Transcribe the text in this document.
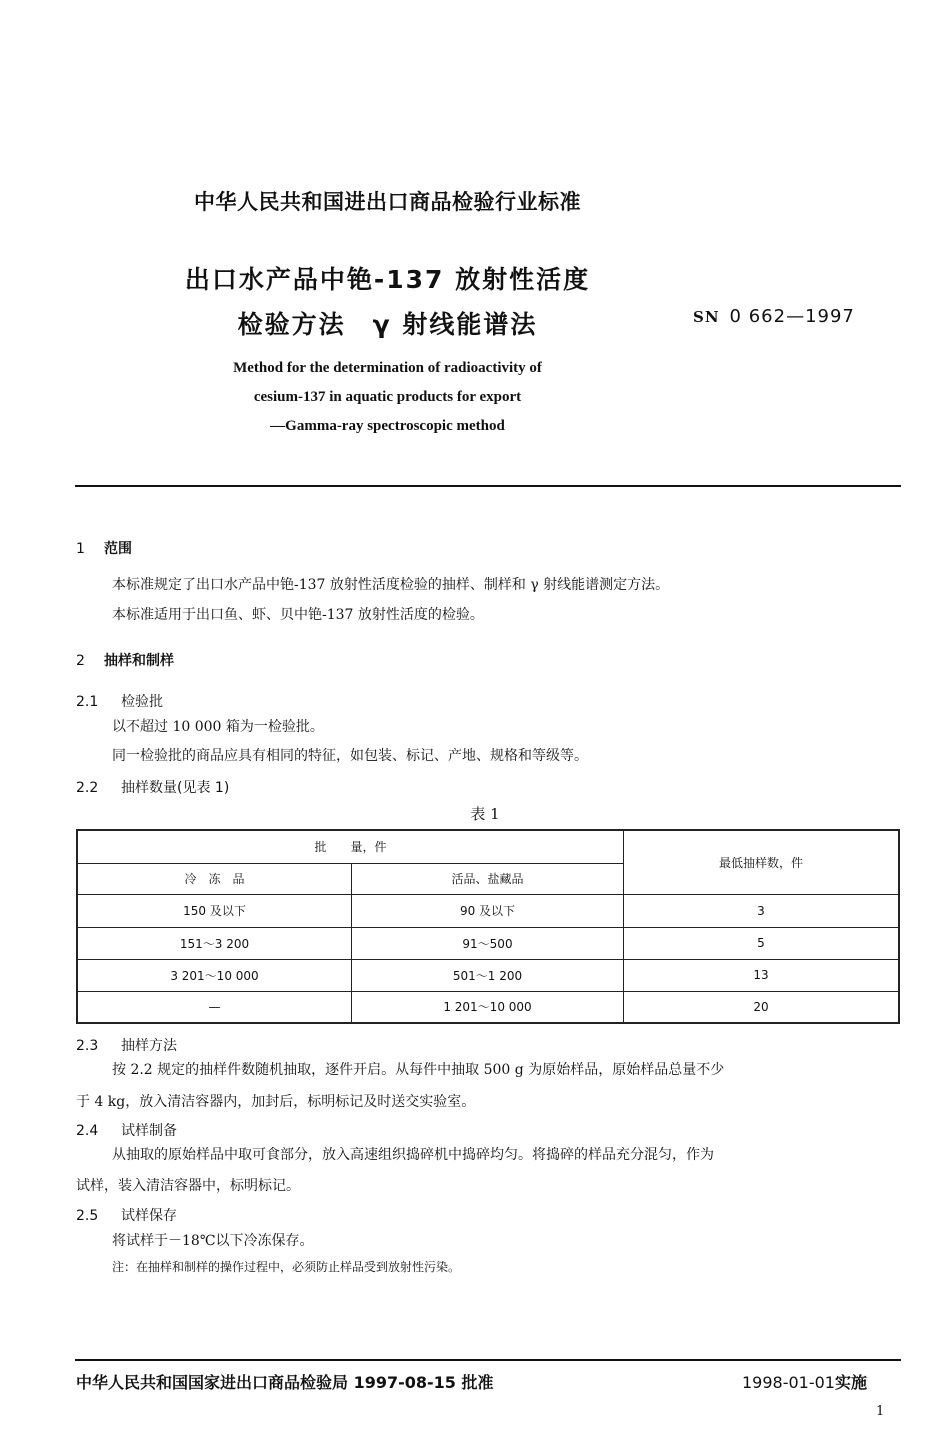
中华人民共和国进出口商品检验行业标准
出口水产品中铯-137 放射性活度
检验方法　γ 射线能谱法	SN 0 662—1997
Method for the determination of radioactivity of
cesium-137 in aquatic products for export
—Gamma-ray spectroscopic method
1 范围
本标准规定了出口水产品中铯-137 放射性活度检验的抽样、制样和 γ 射线能谱测定方法。
本标准适用于出口鱼、虾、贝中铯-137 放射性活度的检验。
2 抽样和制样
2.1 检验批
以不超过 10 000 箱为一检验批。
同一检验批的商品应具有相同的特征，如包装、标记、产地、规格和等级等。
2.2 抽样数量(见表 1)
表 1
批　　量，件		最低抽样数，件
冷　冻　品	活品、盐藏品	
150 及以下	90 及以下	3
151～3 200	91～500	5
3 201～10 000	501～1 200	13
—	1 201～10 000	20
2.3 抽样方法
按 2.2 规定的抽样件数随机抽取，逐件开启。从每件中抽取 500 g 为原始样品，原始样品总量不少
于 4 kg，放入清洁容器内，加封后，标明标记及时送交实验室。
2.4 试样制备
从抽取的原始样品中取可食部分，放入高速组织捣碎机中捣碎均匀。将捣碎的样品充分混匀，作为
试样，装入清洁容器中，标明标记。
2.5 试样保存
将试样于－18℃以下冷冻保存。
注：在抽样和制样的操作过程中，必须防止样品受到放射性污染。
中华人民共和国国家进出口商品检验局 1997-08-15 批准	1998-01-01实施
1
